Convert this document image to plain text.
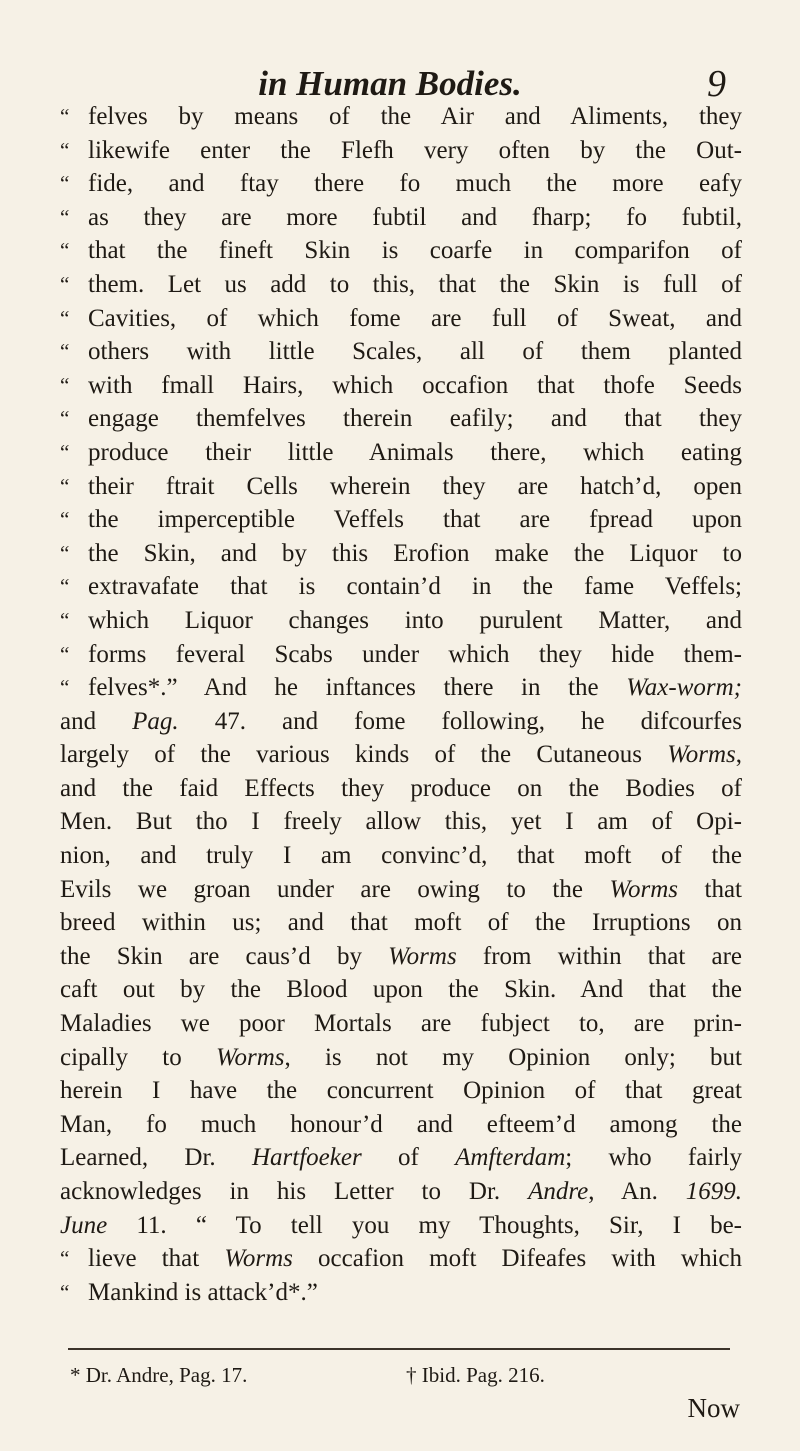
in Human Bodies.	9
“ felves by means of the Air and Aliments, they
“ likewife enter the Flefh very often by the Out-
“ fide, and ftay there fo much the more eafy
“ as they are more fubtil and fharp; fo fubtil,
“ that the fineft Skin is coarfe in comparifon of
“ them. Let us add to this, that the Skin is full of
“ Cavities, of which fome are full of Sweat, and
“ others with little Scales, all of them planted
“ with fmall Hairs, which occafion that thofe Seeds
“ engage themfelves therein eafily; and that they
“ produce their little Animals there, which eating
“ their ftrait Cells wherein they are hatch’d, open
“ the imperceptible Veffels that are fpread upon
“ the Skin, and by this Erofion make the Liquor to
“ extravafate that is contain’d in the fame Veffels;
“ which Liquor changes into purulent Matter, and
“ forms feveral Scabs under which they hide them-
“ felves*.” And he inftances there in the Wax-worm;
and Pag. 47. and fome following, he difcourfes
largely of the various kinds of the Cutaneous Worms,
and the faid Effects they produce on the Bodies of
Men. But tho I freely allow this, yet I am of Opi-
nion, and truly I am convinc’d, that moft of the
Evils we groan under are owing to the Worms that
breed within us; and that moft of the Irruptions on
the Skin are caus’d by Worms from within that are
caft out by the Blood upon the Skin. And that the
Maladies we poor Mortals are fubject to, are prin-
cipally to Worms, is not my Opinion only; but
herein I have the concurrent Opinion of that great
Man, fo much honour’d and efteem’d among the
Learned, Dr. Hartfoeker of Amfterdam; who fairly
acknowledges in his Letter to Dr. Andre, An. 1699.
June 11. “ To tell you my Thoughts, Sir, I be-
“ lieve that Worms occafion moft Difeafes with which
“ Mankind is attack’d*.”
* Dr. Andre, Pag. 17.	† Ibid. Pag. 216.
Now
